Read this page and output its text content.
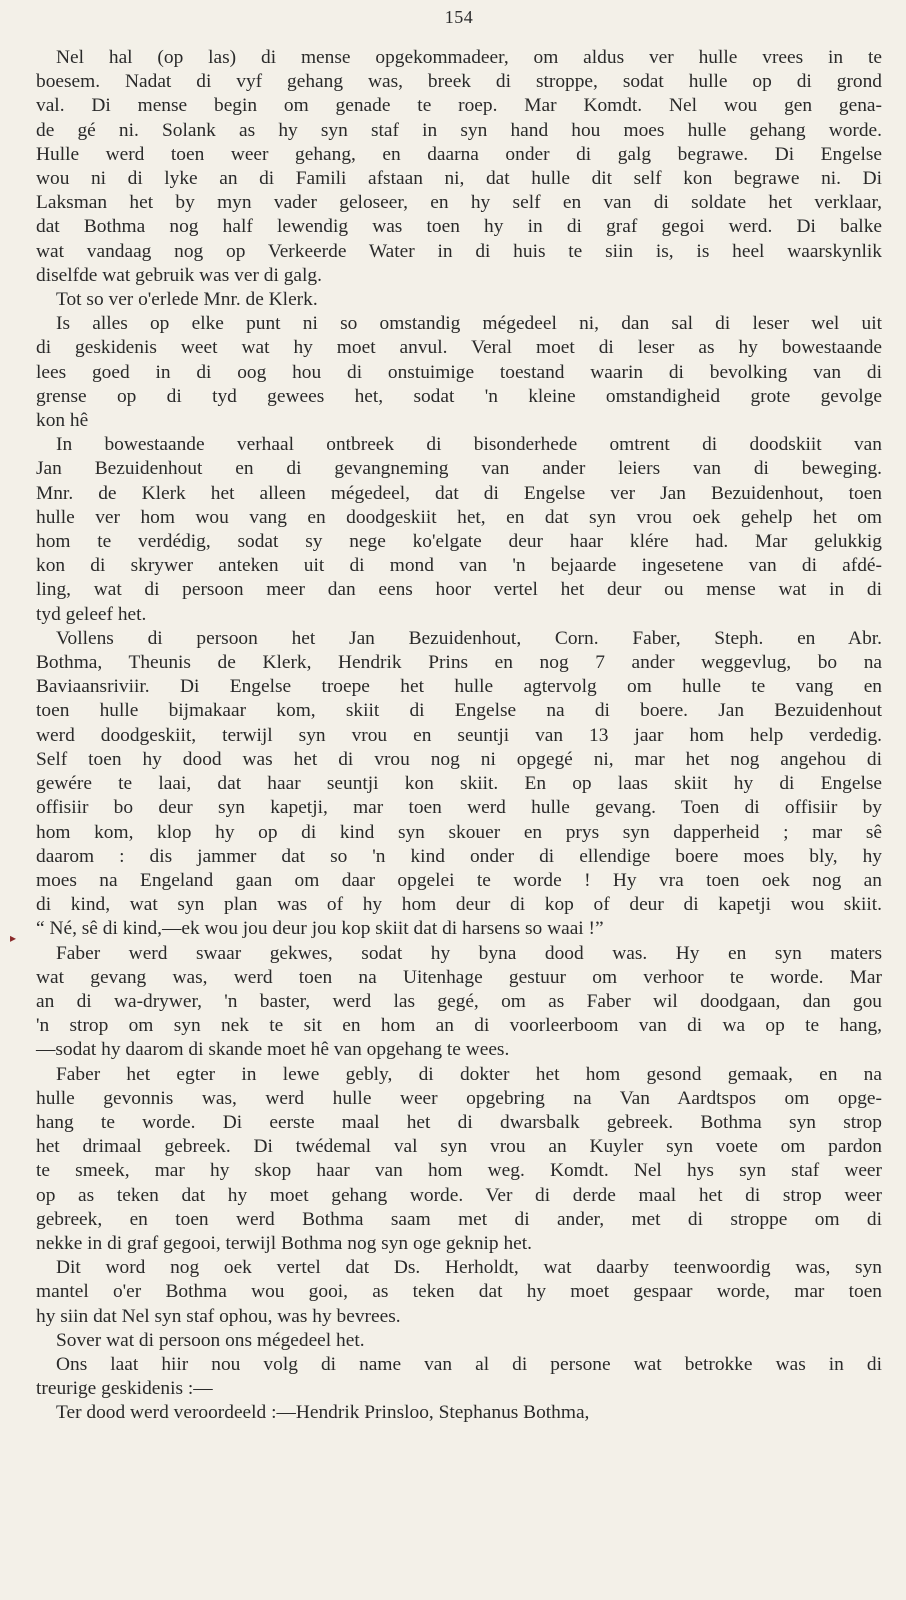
154
▸

Nel hal (op las) di mense opgekommadeer, om aldus ver hulle vrees in te
boesem. Nadat di vyf gehang was, breek di stroppe, sodat hulle op di grond
val. Di mense begin om genade te roep. Mar Komdt. Nel wou gen gena-
de gé ni. Solank as hy syn staf in syn hand hou moes hulle gehang worde.
Hulle werd toen weer gehang, en daarna onder di galg begrawe. Di Engelse
wou ni di lyke an di Famili afstaan ni, dat hulle dit self kon begrawe ni. Di
Laksman het by myn vader geloseer, en hy self en van di soldate het verklaar,
dat Bothma nog half lewendig was toen hy in di graf gegoi werd. Di balke
wat vandaag nog op Verkeerde Water in di huis te siin is, is heel waarskynlik
diselfde wat gebruik was ver di galg.

Tot so ver o'erlede Mnr. de Klerk.

Is alles op elke punt ni so omstandig mégedeel ni, dan sal di leser wel uit
di geskidenis weet wat hy moet anvul. Veral moet di leser as hy bowestaande
lees goed in di oog hou di onstuimige toestand waarin di bevolking van di
grense op di tyd gewees het, sodat 'n kleine omstandigheid grote gevolge
kon hê

In bowestaande verhaal ontbreek di bisonderhede omtrent di doodskiit van
Jan Bezuidenhout en di gevangneming van ander leiers van di beweging.
Mnr. de Klerk het alleen mégedeel, dat di Engelse ver Jan Bezuidenhout, toen
hulle ver hom wou vang en doodgeskiit het, en dat syn vrou oek gehelp het om
hom te verdédig, sodat sy nege ko'elgate deur haar klére had. Mar gelukkig
kon di skrywer anteken uit di mond van 'n bejaarde ingesetene van di afdé-
ling, wat di persoon meer dan eens hoor vertel het deur ou mense wat in di
tyd geleef het.

Vollens di persoon het Jan Bezuidenhout, Corn. Faber, Steph. en Abr.
Bothma, Theunis de Klerk, Hendrik Prins en nog 7 ander weggevlug, bo na
Baviaansriviir. Di Engelse troepe het hulle agtervolg om hulle te vang en
toen hulle bijmakaar kom, skiit di Engelse na di boere. Jan Bezuidenhout
werd doodgeskiit, terwijl syn vrou en seuntji van 13 jaar hom help verdedig.
Self toen hy dood was het di vrou nog ni opgegé ni, mar het nog angehou di
gewére te laai, dat haar seuntji kon skiit. En op laas skiit hy di Engelse
offisiir bo deur syn kapetji, mar toen werd hulle gevang. Toen di offisiir by
hom kom, klop hy op di kind syn skouer en prys syn dapperheid ; mar sê
daarom : dis jammer dat so 'n kind onder di ellendige boere moes bly, hy
moes na Engeland gaan om daar opgelei te worde ! Hy vra toen oek nog an
di kind, wat syn plan was of hy hom deur di kop of deur di kapetji wou skiit.
“ Né, sê di kind,—ek wou jou deur jou kop skiit dat di harsens so waai !”

Faber werd swaar gekwes, sodat hy byna dood was. Hy en syn maters
wat gevang was, werd toen na Uitenhage gestuur om verhoor te worde. Mar
an di wa-drywer, 'n baster, werd las gegé, om as Faber wil doodgaan, dan gou
'n strop om syn nek te sit en hom an di voorleerboom van di wa op te hang,
—sodat hy daarom di skande moet hê van opgehang te wees.

Faber het egter in lewe gebly, di dokter het hom gesond gemaak, en na
hulle gevonnis was, werd hulle weer opgebring na Van Aardtspos om opge-
hang te worde. Di eerste maal het di dwarsbalk gebreek. Bothma syn strop
het drimaal gebreek. Di twédemal val syn vrou an Kuyler syn voete om pardon
te smeek, mar hy skop haar van hom weg. Komdt. Nel hys syn staf weer
op as teken dat hy moet gehang worde. Ver di derde maal het di strop weer
gebreek, en toen werd Bothma saam met di ander, met di stroppe om di
nekke in di graf gegooi, terwijl Bothma nog syn oge geknip het.

Dit word nog oek vertel dat Ds. Herholdt, wat daarby teenwoordig was, syn
mantel o'er Bothma wou gooi, as teken dat hy moet gespaar worde, mar toen
hy siin dat Nel syn staf ophou, was hy bevrees.

Sover wat di persoon ons mégedeel het.

Ons laat hiir nou volg di name van al di persone wat betrokke was in di
treurige geskidenis :—

Ter dood werd veroordeeld :—Hendrik Prinsloo, Stephanus Bothma,
